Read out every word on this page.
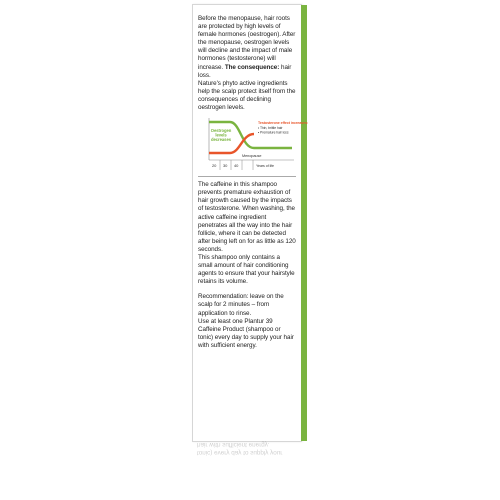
Before the menopause, hair roots are protected by high levels of female hormones (oestrogen). After the menopause, oestrogen levels will decline and the impact of male hormones (testosterone) will increase. The consequence: hair loss.

Nature's phyto active ingredients help the scalp protect itself from the consequences of declining oestrogen levels.

Oestrogen levels decreases
Testosterone effect increases:
• Thin, brittle hair
• Premature hair loss
Menopause
20 30 40	Years of life

The caffeine in this shampoo prevents premature exhaustion of hair growth caused by the impacts of testosterone. When washing, the active caffeine ingredient penetrates all the way into the hair follicle, where it can be detected after being left on for as little as 120 seconds.

This shampoo only contains a small amount of hair conditioning agents to ensure that your hairstyle retains its volume.

Recommendation: leave on the scalp for 2 minutes – from application to rinse.

Use at least one Plantur 39 Caffeine Product (shampoo or tonic) every day to supply your hair with sufficient energy.

tonic) every day to supply your

hair with sufficient energy.
